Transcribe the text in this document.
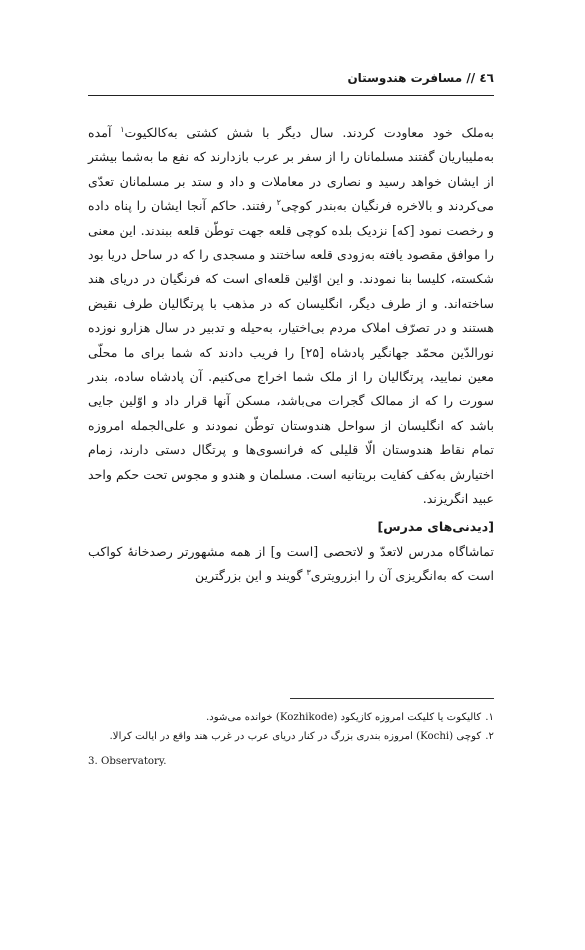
٤٦ // مسافرت هندوستان

به‌ملک خود معاودت کردند. سال دیگر با شش کشتی به‌کالکیوت$^۱$ آمده به‌ملیباریان گفتند مسلمانان را از سفر بر عرب بازدارند که نفع ما به‌شما بیشتر از ایشان خواهد رسید و نصاری در معاملات و داد و ستد بر مسلمانان تعدّی می‌کردند و بالاخره فرنگیان به‌بندر کوچی$^۲$ رفتند. حاکم آنجا ایشان را پناه داده و رخصت نمود [که] نزدیک بلده کوچی قلعه جهت توطّن قلعه ببندند. این معنی را موافق مقصود یافته به‌زودی قلعه ساختند و مسجدی را که در ساحل دریا بود شکسته، کلیسا بنا نمودند. و این اوّلین قلعه‌ای است که فرنگیان در دریای هند ساخته‌اند. و از طرف دیگر، انگلیسان که در مذهب با پرتگالیان طرف نقیض هستند و در تصرّف املاک مردم بی‌اختیار، به‌حیله و تدبیر در سال هزارو نوزده نورالدّین محمّد جهانگیر پادشاه [۲۵] را فریب دادند که شما برای ما محلّی معین نمایید، پرتگالیان را از ملک شما اخراج می‌کنیم. آن پادشاه ساده، بندر سورت را که از ممالک گجرات می‌باشد، مسکن آنها قرار داد و اوّلین جایی باشد که انگلیسان از سواحل هندوستان توطّن نمودند و علی‌الجمله امروزه تمام نقاط هندوستان الّا قلیلی که فرانسوی‌ها و پرتگال دستی دارند، زمام اختیارش به‌کف کفایت بریتانیه است. مسلمان و هندو و مجوس تحت حکم واحد عبید انگریزند.

[دیدنی‌های مدرس]

تماشاگاه مدرس لاتعدّ و لاتحصی [است و] از همه مشهورتر رصدخانهٔ کواکب است که به‌انگریزی آن را ابزرویتری$^۳$ گویند و این بزرگترین

۱.
کالیکوت یا کلیکت امروزه کازیکود (Kozhikode) خوانده می‌شود.
۲.
کوچی (Kochi) امروزه بندری بزرگ در کنار دریای عرب در غرب هند واقع در ایالت کرالا.
3. Observatory.
